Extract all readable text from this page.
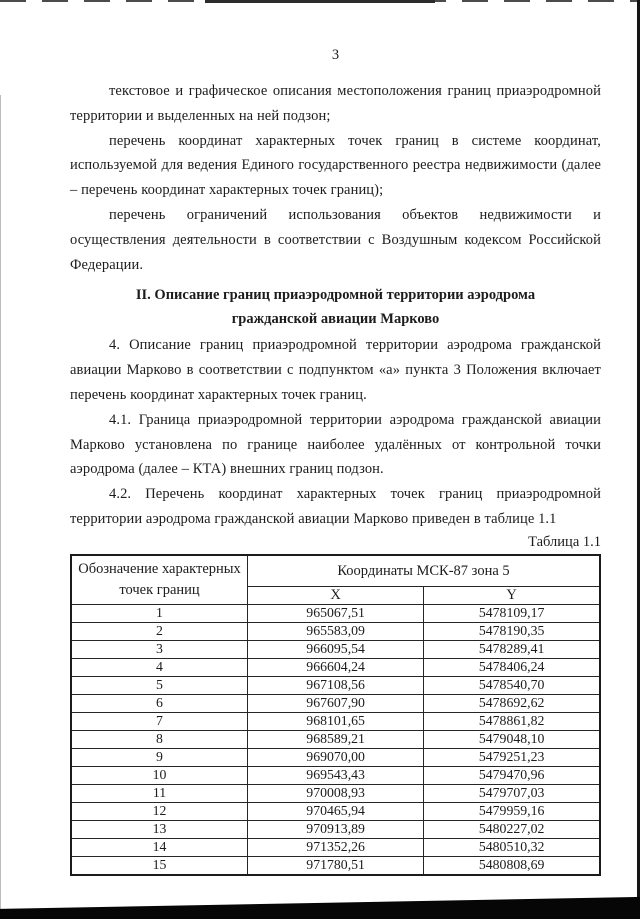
3

текстовое и графическое описания местоположения границ приаэродромной территории и выделенных на ней подзон;

перечень координат характерных точек границ в системе координат, используемой для ведения Единого государственного реестра недвижимости (далее – перечень координат характерных точек границ);

перечень ограничений использования объектов недвижимости и осуществления деятельности в соответствии с Воздушным кодексом Российской Федерации.

II. Описание границ приаэродромной территории аэродрома
гражданской авиации Марково

4. Описание границ приаэродромной территории аэродрома гражданской авиации Марково в соответствии с подпунктом «а» пункта 3 Положения включает перечень координат характерных точек границ.

4.1. Граница приаэродромной территории аэродрома гражданской авиации Марково установлена по границе наиболее удалённых от контрольной точки аэродрома (далее – КТА) внешних границ подзон.

4.2. Перечень координат характерных точек границ приаэродромной территории аэродрома гражданской авиации Марково приведен в таблице 1.1

Таблица 1.1
Обозначение характерных точек границ	Координаты МСК-87 зона 5	
	X	Y
1	965067,51	5478109,17
2	965583,09	5478190,35
3	966095,54	5478289,41
4	966604,24	5478406,24
5	967108,56	5478540,70
6	967607,90	5478692,62
7	968101,65	5478861,82
8	968589,21	5479048,10
9	969070,00	5479251,23
10	969543,43	5479470,96
11	970008,93	5479707,03
12	970465,94	5479959,16
13	970913,89	5480227,02
14	971352,26	5480510,32
15	971780,51	5480808,69
